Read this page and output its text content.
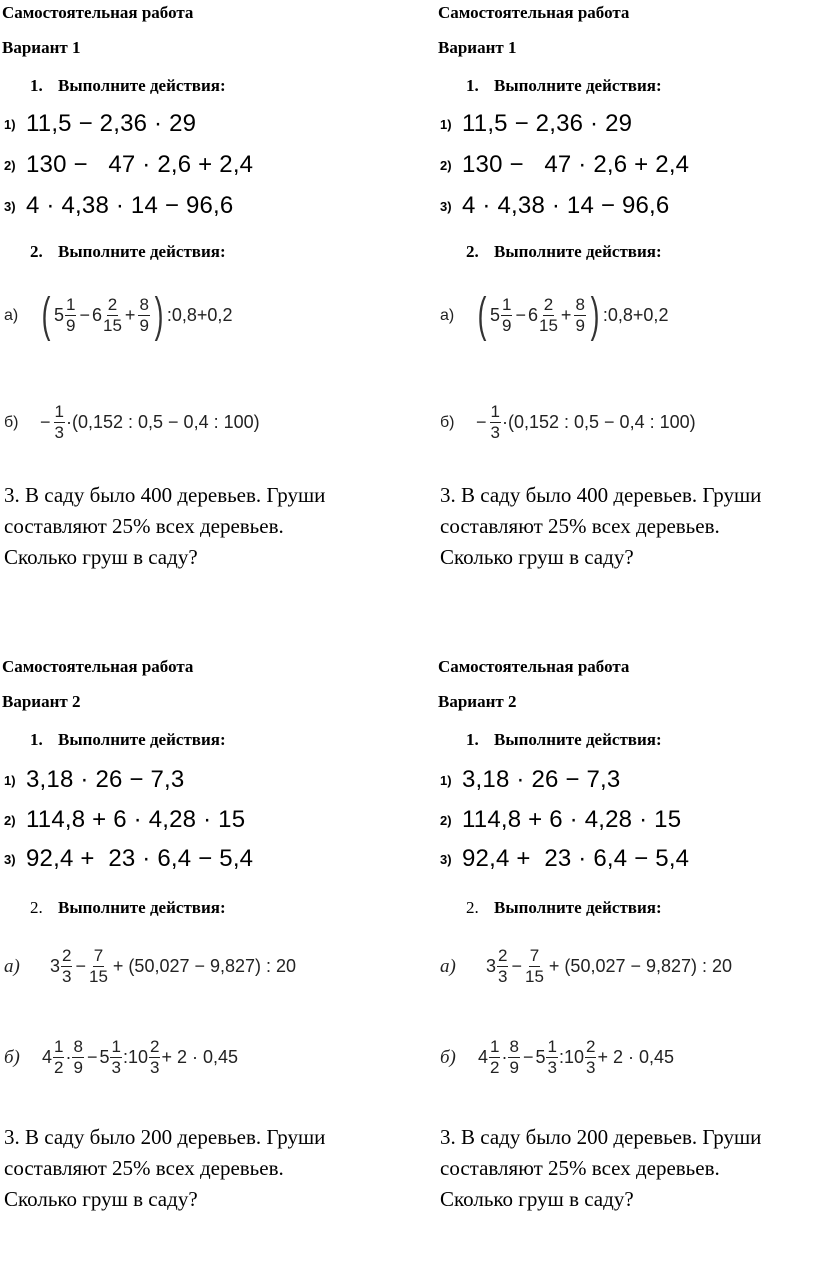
Самостоятельная работа
Вариант 1
1. Выполните действия:
1) 11,5 − 2,36 · 29
2) 130 −   47 · 2,6 + 2,4
3) 4 · 4,38 · 14 − 96,6
2. Выполните действия:
а) ( $5 \frac{1}{9} - 6 \frac{2}{15} + \frac{8}{9}$ ) :0,8+0,2
б)	− $\frac{1}{3} \cdot(0,152$ : 0,5 − 0,4 : 100)
3. В саду было 400 деревьев. Груши
составляют 25% всех деревьев.
Сколько груш в саду?
Самостоятельная работа
Вариант 1
1. Выполните действия:
1) 11,5 − 2,36 · 29
2) 130 −   47 · 2,6 + 2,4
3) 4 · 4,38 · 14 − 96,6
2. Выполните действия:
а) ( $5 \frac{1}{9} - 6 \frac{2}{15} + \frac{8}{9}$ ) :0,8+0,2
б)	− $\frac{1}{3} \cdot(0,152$ : 0,5 − 0,4 : 100)
3. В саду было 400 деревьев. Груши
составляют 25% всех деревьев.
Сколько груш в саду?
Самостоятельная работа
Вариант 2
1. Выполните действия:
1) 3,18 · 26 − 7,3
2) 114,8 + 6 · 4,28 · 15
3) 92,4 +  23 · 6,4 − 5,4
2. Выполните действия:
а)	$3 \frac{2}{3} - \frac{7}{15} + (50,027 - 9,827)$ : 20
б)	$4 \frac{1}{2} \cdot \frac{8}{9} - 5 \frac{1}{3}$ : $10 \frac{2}{3} + 2 \cdot 0,45$
3. В саду было 200 деревьев. Груши
составляют 25% всех деревьев.
Сколько груш в саду?
Самостоятельная работа
Вариант 2
1. Выполните действия:
1) 3,18 · 26 − 7,3
2) 114,8 + 6 · 4,28 · 15
3) 92,4 +  23 · 6,4 − 5,4
2. Выполните действия:
а)	$3 \frac{2}{3} - \frac{7}{15} + (50,027 - 9,827)$ : 20
б)	$4 \frac{1}{2} \cdot \frac{8}{9} - 5 \frac{1}{3}$ : $10 \frac{2}{3} + 2 \cdot 0,45$
3. В саду было 200 деревьев. Груши
составляют 25% всех деревьев.
Сколько груш в саду?
